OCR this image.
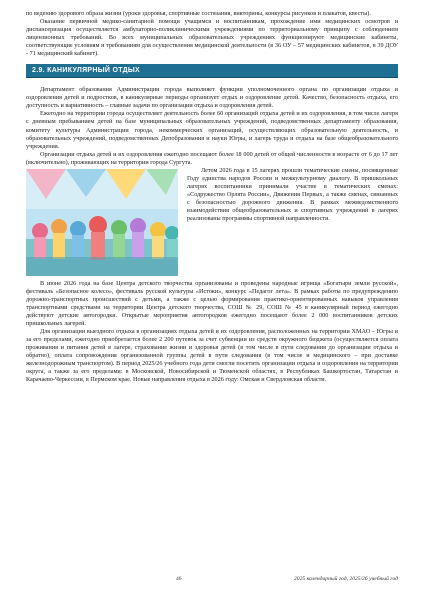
по ведению здорового образа жизни (уроки здоровья, спортивные состязания, викторины, конкурсы рисунков и плакатов, квесты).

Оказание первичной медико-санитарной помощи учащимся и воспитанникам, прохождение ими медицинских осмотров и диспансеризация осуществляется амбулаторно-поликлиническими учреждениями по территориальному принципу с соблюдением лицензионных требований. Во всех муниципальных образовательных учреждениях функционируют медицинские кабинеты, соответствующие условиям и требованиям для осуществления медицинской деятельности (в 36 ОУ – 57 медицинских кабинетов, в 39 ДОУ - 71 медицинский кабинет).

2.9. КАНИКУЛЯРНЫЙ ОТДЫХ

Департамент образования Администрации города выполняет функции уполномоченного органа по организации отдыха и оздоровления детей и подростков, в каникулярные периоды организует отдых и оздоровление детей. Качество, безопасность отдыха, его доступность и вариативность – главные задачи по организации отдыха и оздоровления детей.

Ежегодно на территории города осуществляет деятельность более 60 организаций отдыха детей и их оздоровления, в том числе лагеря с дневным пребыванием детей на базе муниципальных образовательных учреждений, подведомственных департаменту образования, комитету культуры Администрации города, некоммерческих организаций, осуществляющих образовательную деятельность, и образовательных учреждений, подведомственных Депобразования и науки Югры, и лагерь труда и отдыха на базе общеобразовательного учреждения.

Организации отдыха детей и их оздоровления ежегодно посещают более 18 000 детей от общей численности в возрасте от 6 до 17 лет (включительно), проживающих на территории города Сургута.

Летом 2026 года в 15 лагерях прошли тематические смены, посвященные Году единства народов России и межкультурному диалогу. В пришкольных лагерях воспитанники принимали участие в тематических сменах: «Содружество Орлята России», Движения Первых, а также сменах, связанных с безопасностью дорожного движения. В рамках межведомственного взаимодействия общеобразовательных и спортивных учреждений в лагерях реализованы программы спортивной направленности.

В июне 2026 года на базе Центра детского творчества организованы и проведены народные игрища «Богатыри земли русской», фестиваль «Безопасное колесо», фестиваль русской культуры «Истоки», конкурс «Педагог лета». В рамках работы по предупреждению дорожно-транспортных происшествий с детьми, а также с целью формирования практико-ориентированных навыков управления транспортными средствами на территории Центра детского творчества, СОШ № 29, СОШ № 45 в каникулярный период ежегодно действуют детские автогородки. Открытые мероприятия автогородков ежегодно посещают более 2 000 воспитанников детских пришкольных лагерей.

Для организации выездного отдыха в организациях отдыха детей и их оздоровления, расположенных на территории ХМАО – Югры и за его пределами, ежегодно приобретается более 2 200 путевок за счет субвенции из средств окружного бюджета (осуществляется оплата проживания и питания детей в лагере, страхование жизни и здоровья детей (в том числе в пути следования до организации отдыха и обратно), оплата сопровождения организованной группы детей в пути следования (в том числе и медицинского – при доставке железнодорожным транспортом). В период 2025/26 учебного года дети смогли посетить организации отдыха и оздоровления на территории округа, а также за его пределами: в Московской, Новосибирской и Тюменской областях, в Республиках Башкортостан, Татарстан и Карачаево-Черкессии, в Пермском крае. Новые направления отдыха в 2026 году: Омская и Свердловская области.

46	2025 календарный год, 2025/26 учебный год
